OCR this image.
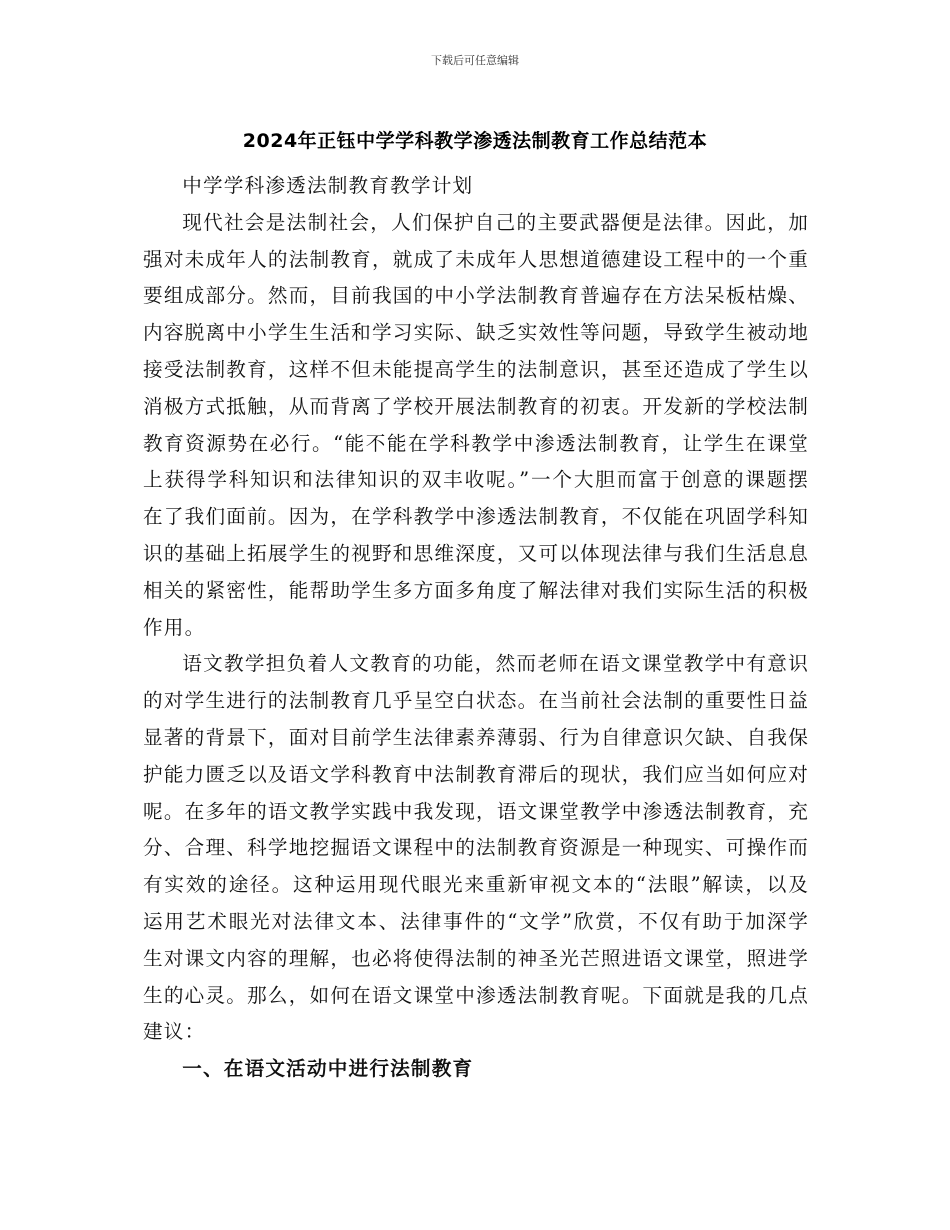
下载后可任意编辑
2024年正钰中学学科教学渗透法制教育工作总结范本

中学学科渗透法制教育教学计划

现代社会是法制社会，人们保护自己的主要武器便是法律。因此，加强对未成年人的法制教育，就成了未成年人思想道德建设工程中的一个重要组成部分。然而，目前我国的中小学法制教育普遍存在方法呆板枯燥、内容脱离中小学生生活和学习实际、缺乏实效性等问题，导致学生被动地接受法制教育，这样不但未能提高学生的法制意识，甚至还造成了学生以消极方式抵触，从而背离了学校开展法制教育的初衷。开发新的学校法制教育资源势在必行。“能不能在学科教学中渗透法制教育，让学生在课堂上获得学科知识和法律知识的双丰收呢。”一个大胆而富于创意的课题摆在了我们面前。因为，在学科教学中渗透法制教育，不仅能在巩固学科知识的基础上拓展学生的视野和思维深度，又可以体现法律与我们生活息息相关的紧密性，能帮助学生多方面多角度了解法律对我们实际生活的积极作用。

语文教学担负着人文教育的功能，然而老师在语文课堂教学中有意识的对学生进行的法制教育几乎呈空白状态。在当前社会法制的重要性日益显著的背景下，面对目前学生法律素养薄弱、行为自律意识欠缺、自我保护能力匮乏以及语文学科教育中法制教育滞后的现状，我们应当如何应对呢。在多年的语文教学实践中我发现，语文课堂教学中渗透法制教育，充分、合理、科学地挖掘语文课程中的法制教育资源是一种现实、可操作而有实效的途径。这种运用现代眼光来重新审视文本的“法眼”解读，以及运用艺术眼光对法律文本、法律事件的“文学”欣赏，不仅有助于加深学生对课文内容的理解，也必将使得法制的神圣光芒照进语文课堂，照进学生的心灵。那么，如何在语文课堂中渗透法制教育呢。下面就是我的几点建议：

一、在语文活动中进行法制教育
